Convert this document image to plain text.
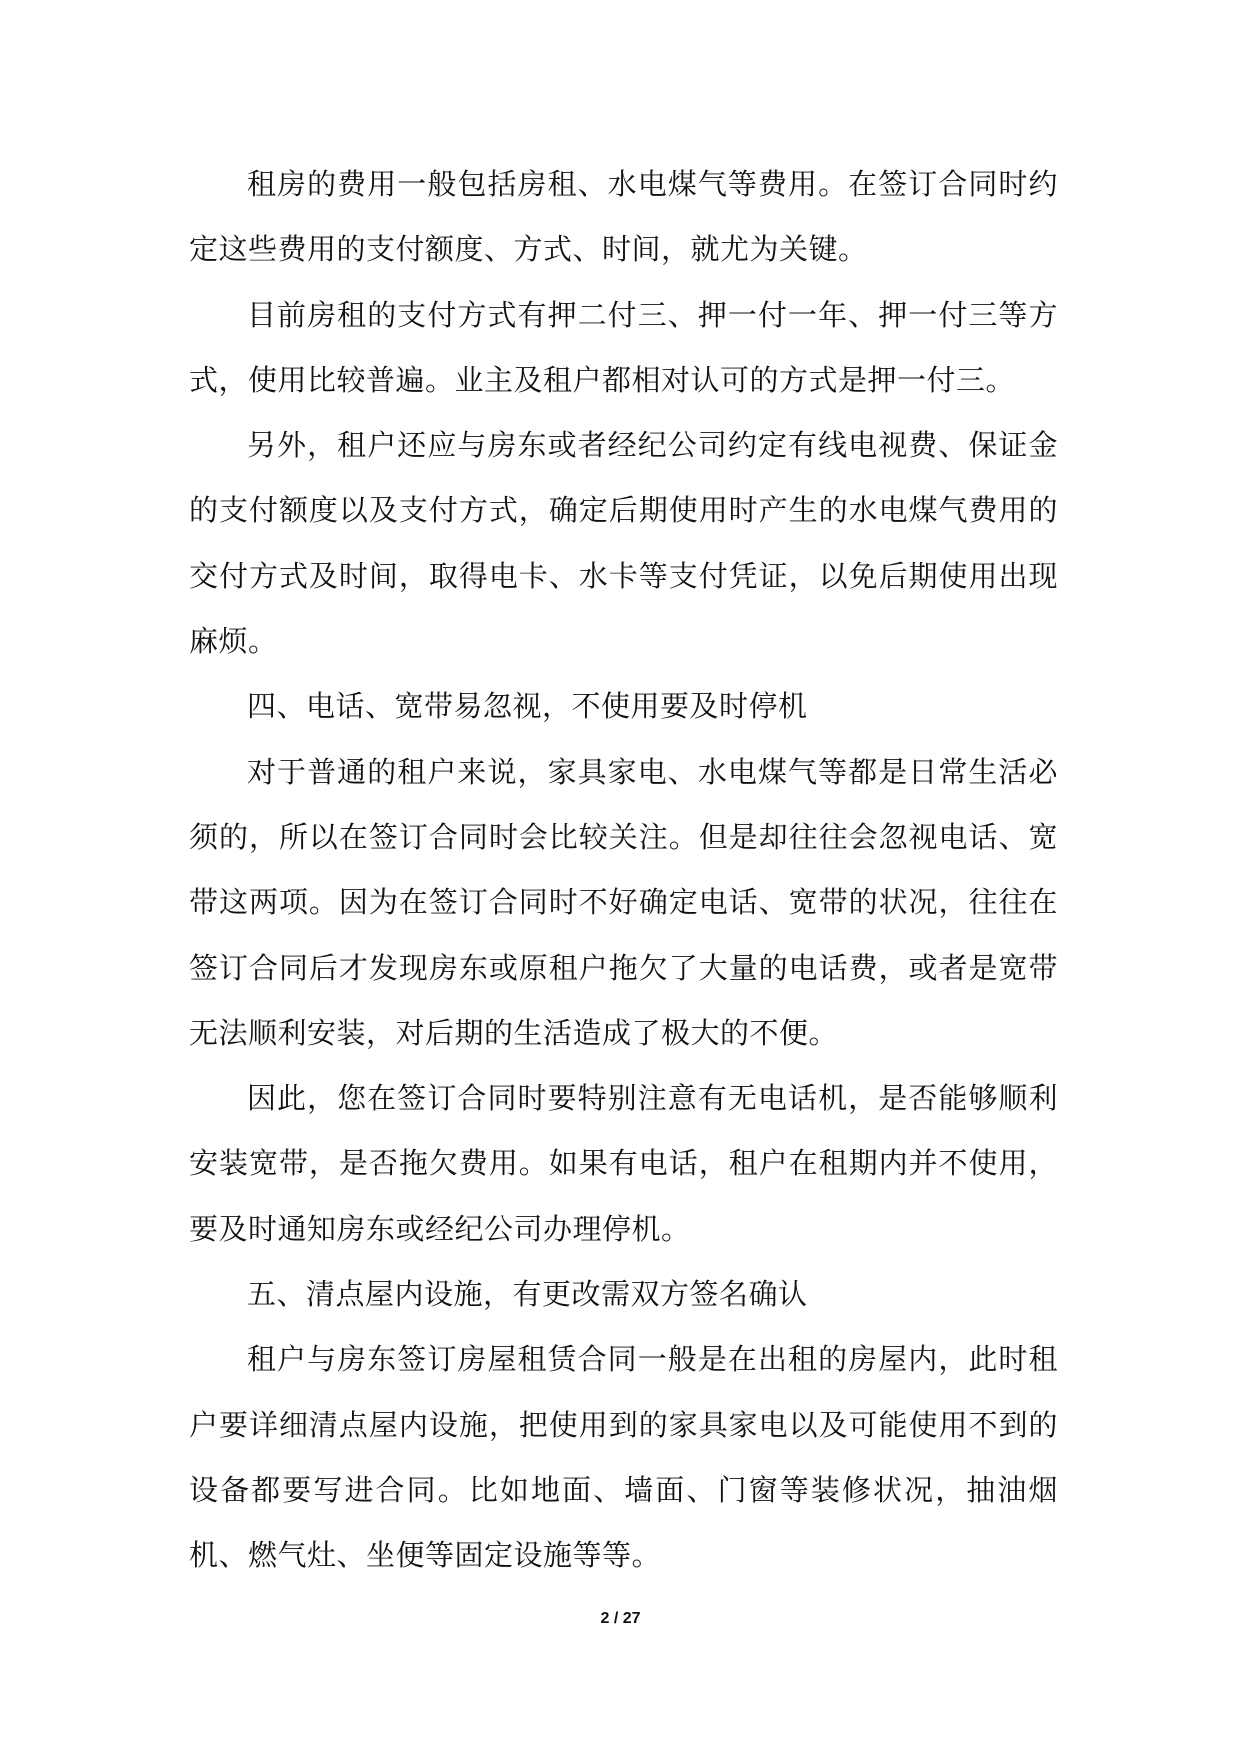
租房的费用一般包括房租、水电煤气等费用。在签订合同时约定这些费用的支付额度、方式、时间，就尤为关键。

目前房租的支付方式有押二付三、押一付一年、押一付三等方式，使用比较普遍。业主及租户都相对认可的方式是押一付三。

另外，租户还应与房东或者经纪公司约定有线电视费、保证金的支付额度以及支付方式，确定后期使用时产生的水电煤气费用的交付方式及时间，取得电卡、水卡等支付凭证，以免后期使用出现麻烦。

四、电话、宽带易忽视，不使用要及时停机

对于普通的租户来说，家具家电、水电煤气等都是日常生活必须的，所以在签订合同时会比较关注。但是却往往会忽视电话、宽带这两项。因为在签订合同时不好确定电话、宽带的状况，往往在签订合同后才发现房东或原租户拖欠了大量的电话费，或者是宽带无法顺利安装，对后期的生活造成了极大的不便。

因此，您在签订合同时要特别注意有无电话机，是否能够顺利安装宽带，是否拖欠费用。如果有电话，租户在租期内并不使用，要及时通知房东或经纪公司办理停机。

五、清点屋内设施，有更改需双方签名确认

租户与房东签订房屋租赁合同一般是在出租的房屋内，此时租户要详细清点屋内设施，把使用到的家具家电以及可能使用不到的设备都要写进合同。比如地面、墙面、门窗等装修状况，抽油烟机、燃气灶、坐便等固定设施等等。

2 / 27
